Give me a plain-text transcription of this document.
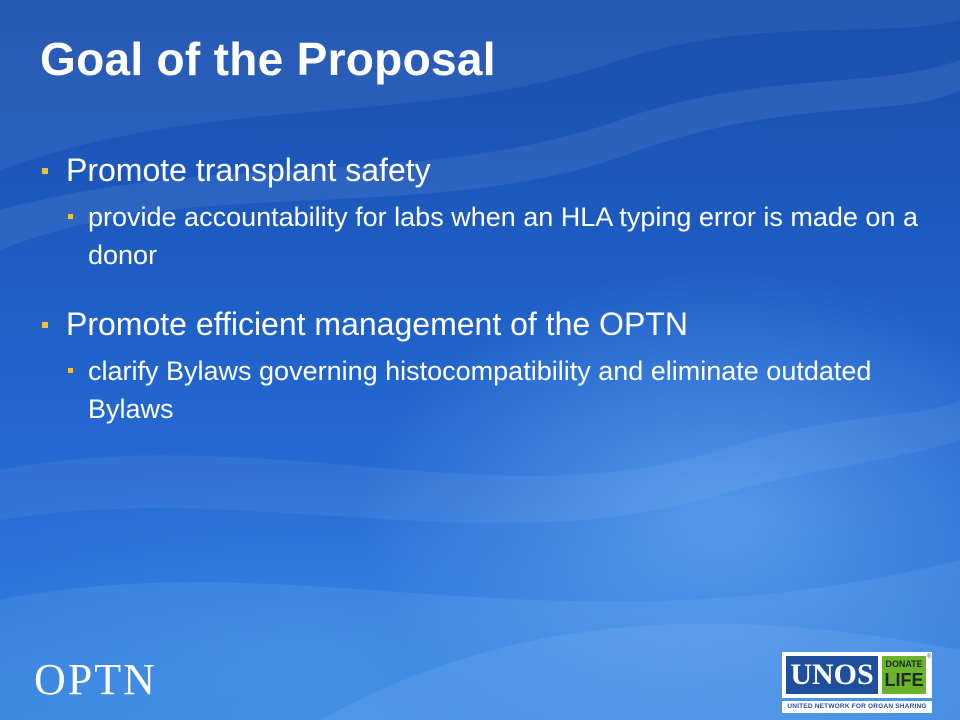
Goal of the Proposal
Promote transplant safety
provide accountability for labs when an HLA typing error is made on a donor
Promote efficient management of the OPTN
clarify Bylaws governing histocompatibility and eliminate outdated Bylaws
OPTN	UNOS	DONATE
LIFE
®
UNITED NETWORK FOR ORGAN SHARING
